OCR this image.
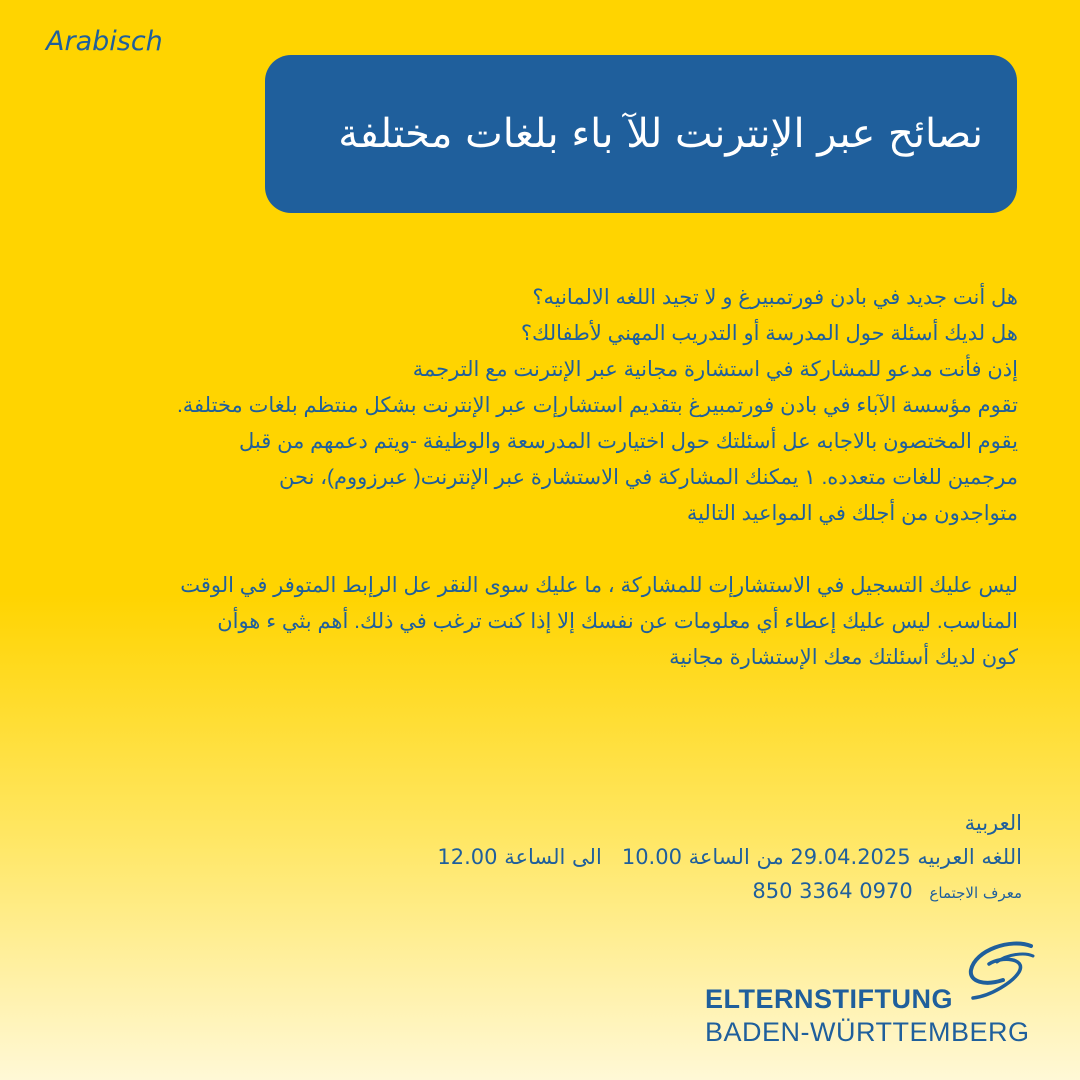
Arabisch
نصائح عبر الإنترنت للآ باء بلغات مختلفة

هل أنت جديد في بادن فورتمبيرغ و لا تجيد اللغه الالمانيه؟

هل لديك أسئلة حول المدرسة أو التدريب المهني لأطفالك؟

إذن فأنت مدعو للمشاركة في استشارة مجانية عبر الإنترنت مع الترجمة

تقوم مؤسسة الآباء في بادن فورتمبيرغ بتقديم استشارإت عبر الإنترنت بشكل منتظم بلغات مختلفة.

يقوم المختصون بالاجابه عل أسئلتك حول اختيارت المدرسعة والوظيفة -ويتم دعمهم من قبل

مرجمين للغات متعدده. ١ يمكنك المشاركة في الاستشارة عبر الإنترنت( عبرزووم)، نحن

متواجدون من أجلك في المواعيد التالية

ليس عليك التسجيل في الاستشارإت للمشاركة ، ما عليك سوى النقر عل الرإبط المتوفر في الوقت

المناسب. ليس عليك إعطاء أي معلومات عن نفسك إلا إذا كنت ترغب في ذلك. أهم بثي ء هوأن

كون لديك أسئلتك معك الإستشارة مجانية

العربية
اللغه العربيه 29.04.2025 من الساعة 10.00   الى الساعة 12.00
معرف الاجتماع 850 3364 0970
ELTERNSTIFTUNG
BADEN-WÜRTTEMBERG
